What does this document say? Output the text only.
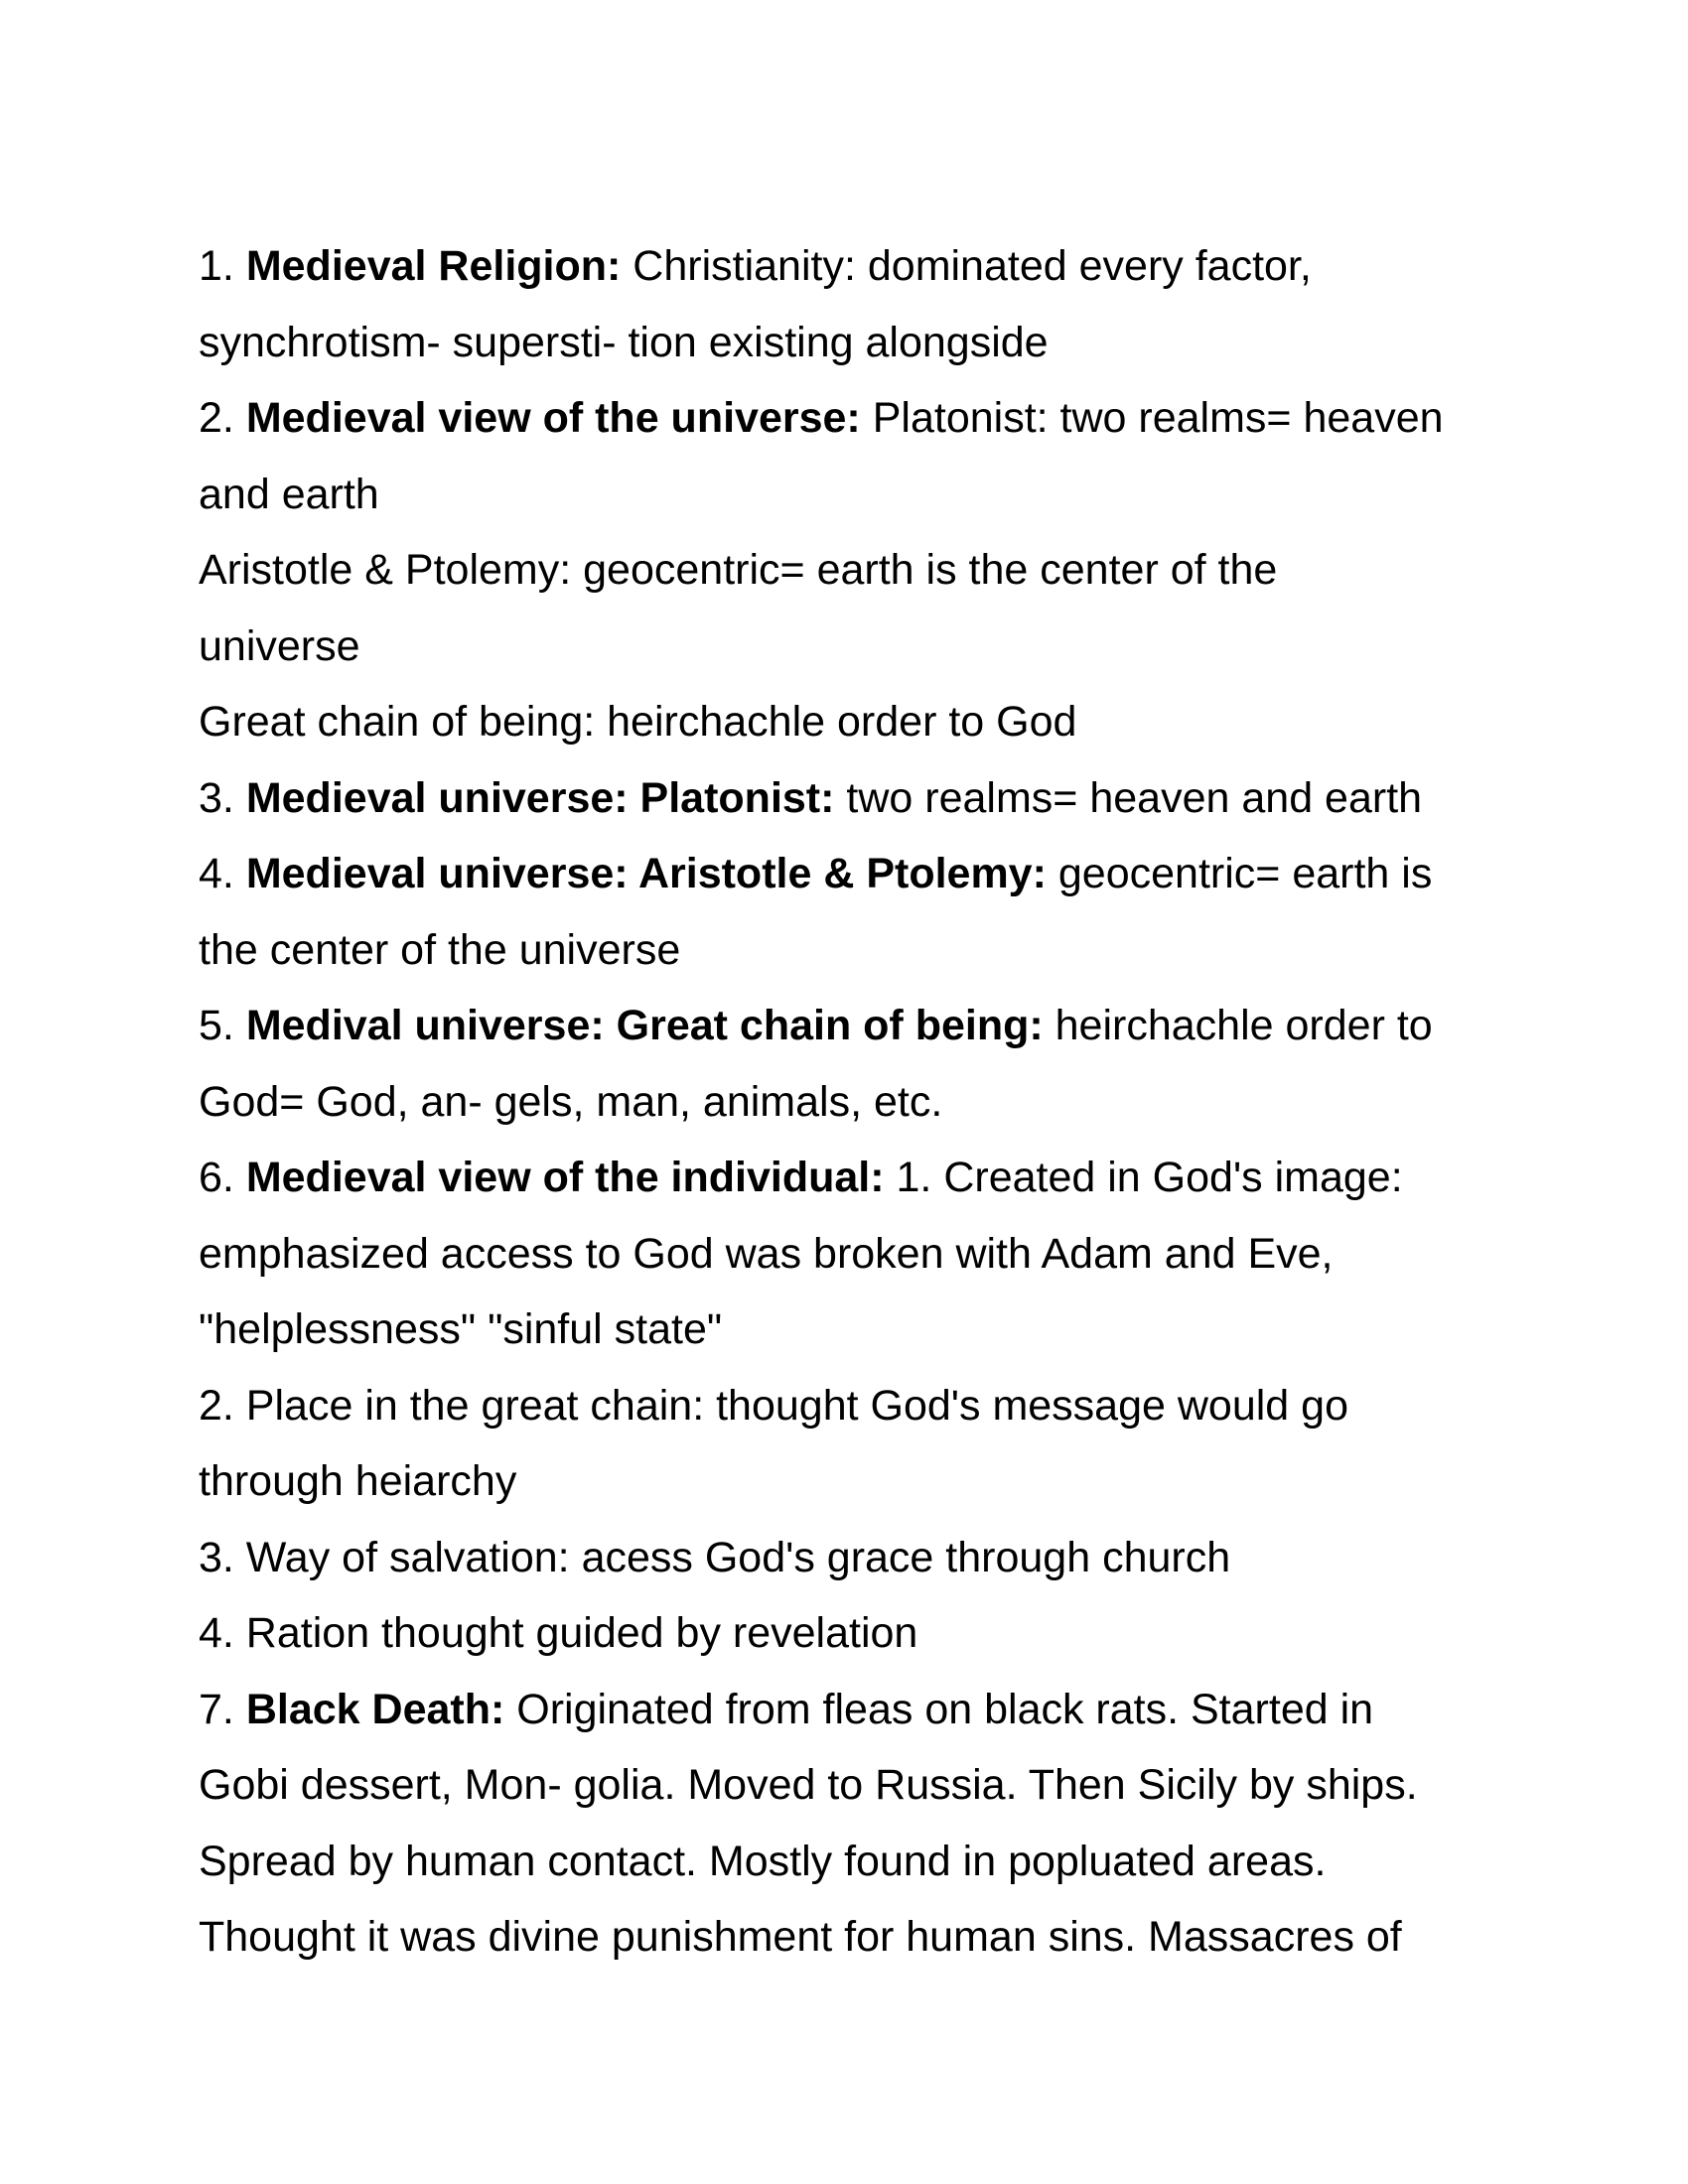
1. Medieval Religion: Christianity: dominated every factor,
synchrotism- supersti- tion existing alongside
2. Medieval view of the universe: Platonist: two realms= heaven
and earth
Aristotle & Ptolemy: geocentric= earth is the center of the
universe
Great chain of being: heirchachle order to God
3. Medieval universe: Platonist: two realms= heaven and earth
4. Medieval universe: Aristotle & Ptolemy: geocentric= earth is
the center of the universe
5. Medival universe: Great chain of being: heirchachle order to
God= God, an- gels, man, animals, etc.
6. Medieval view of the individual: 1. Created in God's image:
emphasized access to God was broken with Adam and Eve,
"helplessness" "sinful state"
2. Place in the great chain: thought God's message would go
through heiarchy
3. Way of salvation: acess God's grace through church
4. Ration thought guided by revelation
7. Black Death: Originated from fleas on black rats. Started in
Gobi dessert, Mon- golia. Moved to Russia. Then Sicily by ships.
Spread by human contact. Mostly found in popluated areas.
Thought it was divine punishment for human sins. Massacres of
